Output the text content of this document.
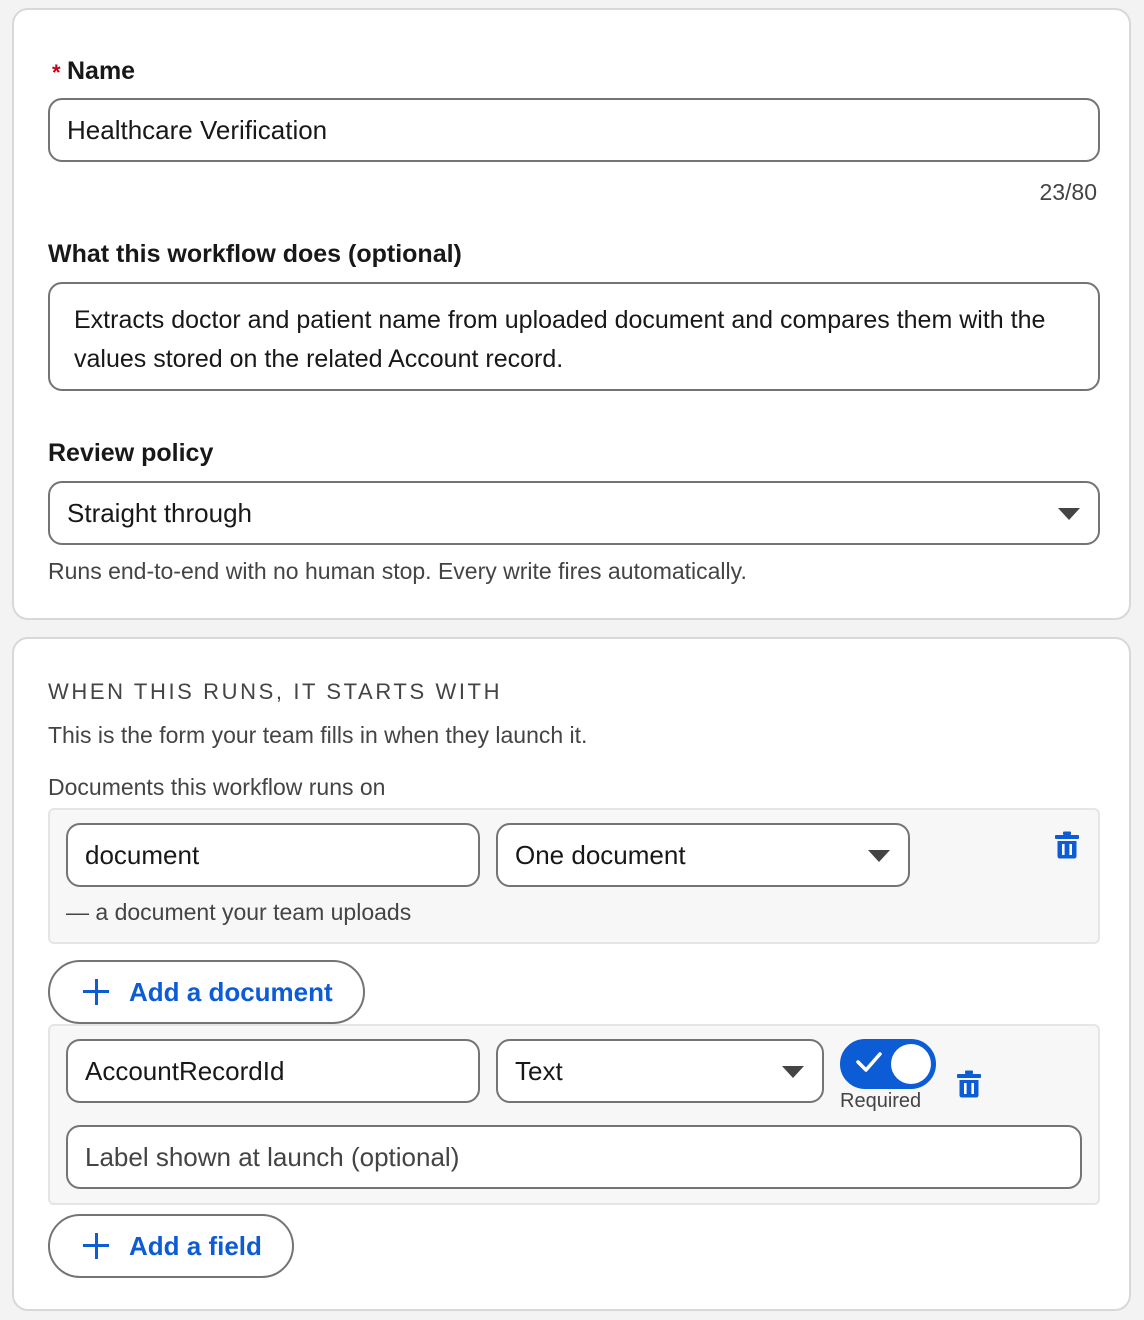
* Name
Healthcare Verification
23/80
What this workflow does (optional)
Extracts doctor and patient name from uploaded document and compares them with the values stored on the related Account record.
Review policy
Straight through
Runs end-to-end with no human stop. Every write fires automatically.
WHEN THIS RUNS, IT STARTS WITH
This is the form your team fills in when they launch it.
Documents this workflow runs on
document	One document
— a document your team uploads
Add a document
AccountRecordId	Text
Required
Label shown at launch (optional)
Add a field
